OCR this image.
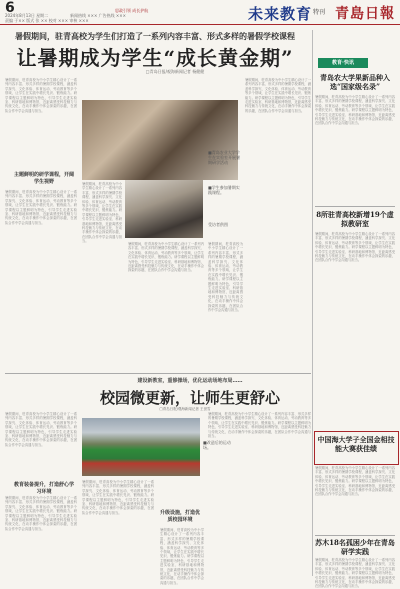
6
2024年8月13日 星期二
责编 于×× 版式 张 ×× 校对 ××× 审核 ×××
新闻热线 ××× 广告热线 ×××
思政引领 成长护航	未来教育 特刊 青島日報
暑假期间，驻青高校为学生们打造了一系列内容丰富、形式多样的暑假学校课程
让暑期成为学生“成长黄金期”
□青岛日报/观海新闻记者 杨健健
暑假期间，驻青高校为中小学生精心设计了一系列内容丰富、形式多样的暑期学校课程，涵盖科学探究、文化体验、体育运动、劳动教育等多个领域，让学生在实践中增长见识、锻炼能力。研学课程以主题鲜明为特色，引导学生走进实验室、科研基地和博物馆，近距离感受科技魅力与传统文化，在动手操作中体会探索的乐趣，在团队合作中学会沟通与担当。
主题鲜明的研学课程，开阔学生视野
暑假期间，驻青高校为中小学生精心设计了一系列内容丰富、形式多样的暑期学校课程，涵盖科学探究、文化体验、体育运动、劳动教育等多个领域，让学生在实践中增长见识、锻炼能力。研学课程以主题鲜明为特色，引导学生走进实验室、科研基地和博物馆，近距离感受科技魅力与传统文化，在动手操作中体会探索的乐趣，在团队合作中学会沟通与担当。
■青岛农业大学学生在实验室开展暑期研学活动
■学生参加暑期实践课程。
受访者供图
暑假期间，驻青高校为中小学生精心设计了一系列内容丰富、形式多样的暑期学校课程，涵盖科学探究、文化体验、体育运动、劳动教育等多个领域，让学生在实践中增长见识、锻炼能力。研学课程以主题鲜明为特色，引导学生走进实验室、科研基地和博物馆，近距离感受科技魅力与传统文化，在动手操作中体会探索的乐趣，在团队合作中学会沟通与担当。
暑假期间，驻青高校为中小学生精心设计了一系列内容丰富、形式多样的暑期学校课程，涵盖科学探究、文化体验、体育运动、劳动教育等多个领域，让学生在实践中增长见识、锻炼能力。研学课程以主题鲜明为特色，引导学生走进实验室、科研基地和博物馆，近距离感受科技魅力与传统文化，在动手操作中体会探索的乐趣，在团队合作中学会沟通与担当。
暑假期间，驻青高校为中小学生精心设计了一系列内容丰富、形式多样的暑期学校课程，涵盖科学探究、文化体验、体育运动、劳动教育等多个领域，让学生在实践中增长见识、锻炼能力。研学课程以主题鲜明为特色，引导学生走进实验室、科研基地和博物馆，近距离感受科技魅力与传统文化，在动手操作中体会探索的乐趣，在团队合作中学会沟通与担当。
暑假期间，驻青高校为中小学生精心设计了一系列内容丰富、形式多样的暑期学校课程，涵盖科学探究、文化体验、体育运动、劳动教育等多个领域，让学生在实践中增长见识、锻炼能力。研学课程以主题鲜明为特色，引导学生走进实验室、科研基地和博物馆，近距离感受科技魅力与传统文化，在动手操作中体会探索的乐趣，在团队合作中学会沟通与担当。
建设新教室，重修操场，优化运动场地布局……
校园微更新，让师生更舒心
□青岛日报/观海新闻记者 王世雪
暑假期间，驻青高校为中小学生精心设计了一系列内容丰富、形式多样的暑期学校课程，涵盖科学探究、文化体验、体育运动、劳动教育等多个领域，让学生在实践中增长见识、锻炼能力。研学课程以主题鲜明为特色，引导学生走进实验室、科研基地和博物馆，近距离感受科技魅力与传统文化，在动手操作中体会探索的乐趣，在团队合作中学会沟通与担当。
教育装备提升，打造舒心学习环境
暑假期间，驻青高校为中小学生精心设计了一系列内容丰富、形式多样的暑期学校课程，涵盖科学探究、文化体验、体育运动、劳动教育等多个领域，让学生在实践中增长见识、锻炼能力。研学课程以主题鲜明为特色，引导学生走进实验室、科研基地和博物馆，近距离感受科技魅力与传统文化，在动手操作中体会探索的乐趣，在团队合作中学会沟通与担当。
■改造后的运动场。
暑假期间，驻青高校为中小学生精心设计了一系列内容丰富、形式多样的暑期学校课程，涵盖科学探究、文化体验、体育运动、劳动教育等多个领域，让学生在实践中增长见识、锻炼能力。研学课程以主题鲜明为特色，引导学生走进实验室、科研基地和博物馆，近距离感受科技魅力与传统文化，在动手操作中体会探索的乐趣，在团队合作中学会沟通与担当。	升级设施，打造优质校园环境
暑假期间，驻青高校为中小学生精心设计了一系列内容丰富、形式多样的暑期学校课程，涵盖科学探究、文化体验、体育运动、劳动教育等多个领域，让学生在实践中增长见识、锻炼能力。研学课程以主题鲜明为特色，引导学生走进实验室、科研基地和博物馆，近距离感受科技魅力与传统文化，在动手操作中体会探索的乐趣，在团队合作中学会沟通与担当。
暑假期间，驻青高校为中小学生精心设计了一系列内容丰富、形式多样的暑期学校课程，涵盖科学探究、文化体验、体育运动、劳动教育等多个领域，让学生在实践中增长见识、锻炼能力。研学课程以主题鲜明为特色，引导学生走进实验室、科研基地和博物馆，近距离感受科技魅力与传统文化，在动手操作中体会探索的乐趣，在团队合作中学会沟通与担当。
教育·快讯
青岛农大学果新品种入选“国家级名录”
暑假期间，驻青高校为中小学生精心设计了一系列内容丰富、形式多样的暑期学校课程，涵盖科学探究、文化体验、体育运动、劳动教育等多个领域，让学生在实践中增长见识、锻炼能力。研学课程以主题鲜明为特色，引导学生走进实验室、科研基地和博物馆，近距离感受科技魅力与传统文化，在动手操作中体会探索的乐趣，在团队合作中学会沟通与担当。
8所驻青高校新增19个虚拟教研室
暑假期间，驻青高校为中小学生精心设计了一系列内容丰富、形式多样的暑期学校课程，涵盖科学探究、文化体验、体育运动、劳动教育等多个领域，让学生在实践中增长见识、锻炼能力。研学课程以主题鲜明为特色，引导学生走进实验室、科研基地和博物馆，近距离感受科技魅力与传统文化，在动手操作中体会探索的乐趣，在团队合作中学会沟通与担当。
中国海大学子全国金相技能大赛获佳绩
暑假期间，驻青高校为中小学生精心设计了一系列内容丰富、形式多样的暑期学校课程，涵盖科学探究、文化体验、体育运动、劳动教育等多个领域，让学生在实践中增长见识、锻炼能力。研学课程以主题鲜明为特色，引导学生走进实验室、科研基地和博物馆，近距离感受科技魅力与传统文化，在动手操作中体会探索的乐趣，在团队合作中学会沟通与担当。
苏木18名孤困少年在青岛研学实践
暑假期间，驻青高校为中小学生精心设计了一系列内容丰富、形式多样的暑期学校课程，涵盖科学探究、文化体验、体育运动、劳动教育等多个领域，让学生在实践中增长见识、锻炼能力。研学课程以主题鲜明为特色，引导学生走进实验室、科研基地和博物馆，近距离感受科技魅力与传统文化，在动手操作中体会探索的乐趣，在团队合作中学会沟通与担当。
